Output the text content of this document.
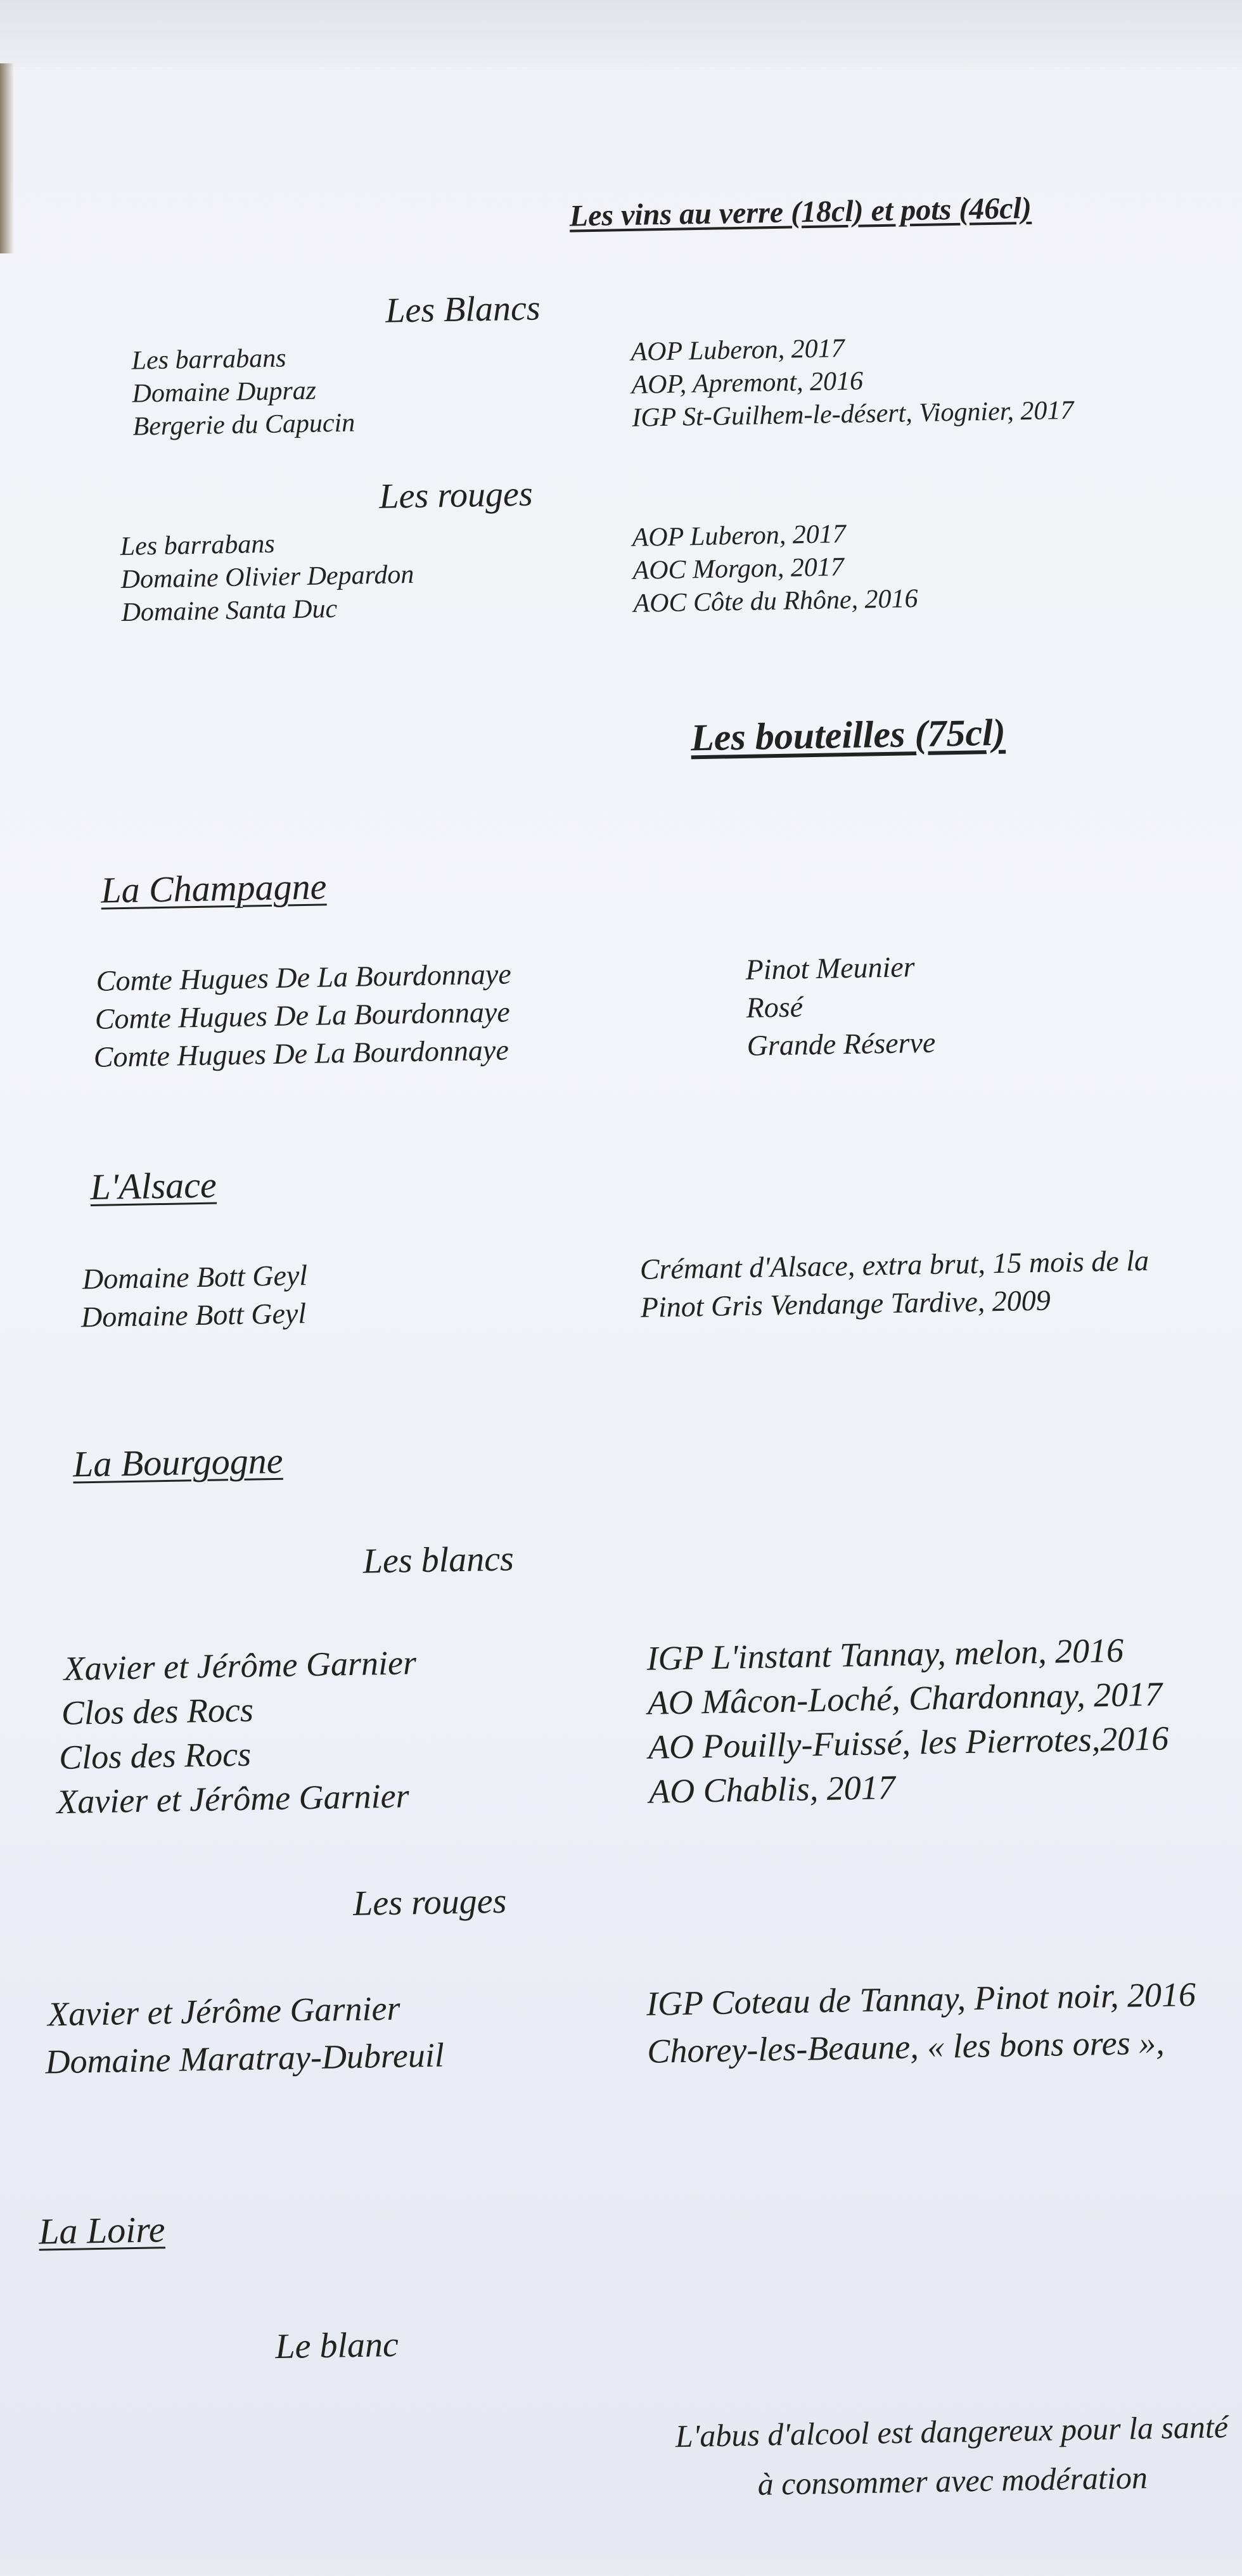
Les vins au verre (18cl) et pots (46cl)
Les Blancs
Les barrabans	AOP Luberon, 2017
Domaine Dupraz	AOP, Apremont, 2016
Bergerie du Capucin	IGP St-Guilhem-le-désert, Viognier, 2017
Les rouges
Les barrabans	AOP Luberon, 2017
Domaine Olivier Depardon	AOC Morgon, 2017
Domaine Santa Duc	AOC Côte du Rhône, 2016
Les bouteilles (75cl)
La Champagne
Comte Hugues De La Bourdonnaye	Pinot Meunier
Comte Hugues De La Bourdonnaye	Rosé
Comte Hugues De La Bourdonnaye	Grande Réserve
L'Alsace
Domaine Bott Geyl	Crémant d'Alsace, extra brut, 15 mois de la
Domaine Bott Geyl	Pinot Gris Vendange Tardive, 2009
La Bourgogne
Les blancs
Xavier et Jérôme Garnier	IGP L'instant Tannay, melon, 2016
Clos des Rocs	AO Mâcon-Loché, Chardonnay, 2017
Clos des Rocs	AO Pouilly-Fuissé, les Pierrotes,2016
Xavier et Jérôme Garnier	AO Chablis, 2017
Les rouges
Xavier et Jérôme Garnier	IGP Coteau de Tannay, Pinot noir, 2016
Domaine Maratray-Dubreuil	Chorey-les-Beaune, « les bons ores »,
La Loire
Le blanc
L'abus d'alcool est dangereux pour la santé
à consommer avec modération
